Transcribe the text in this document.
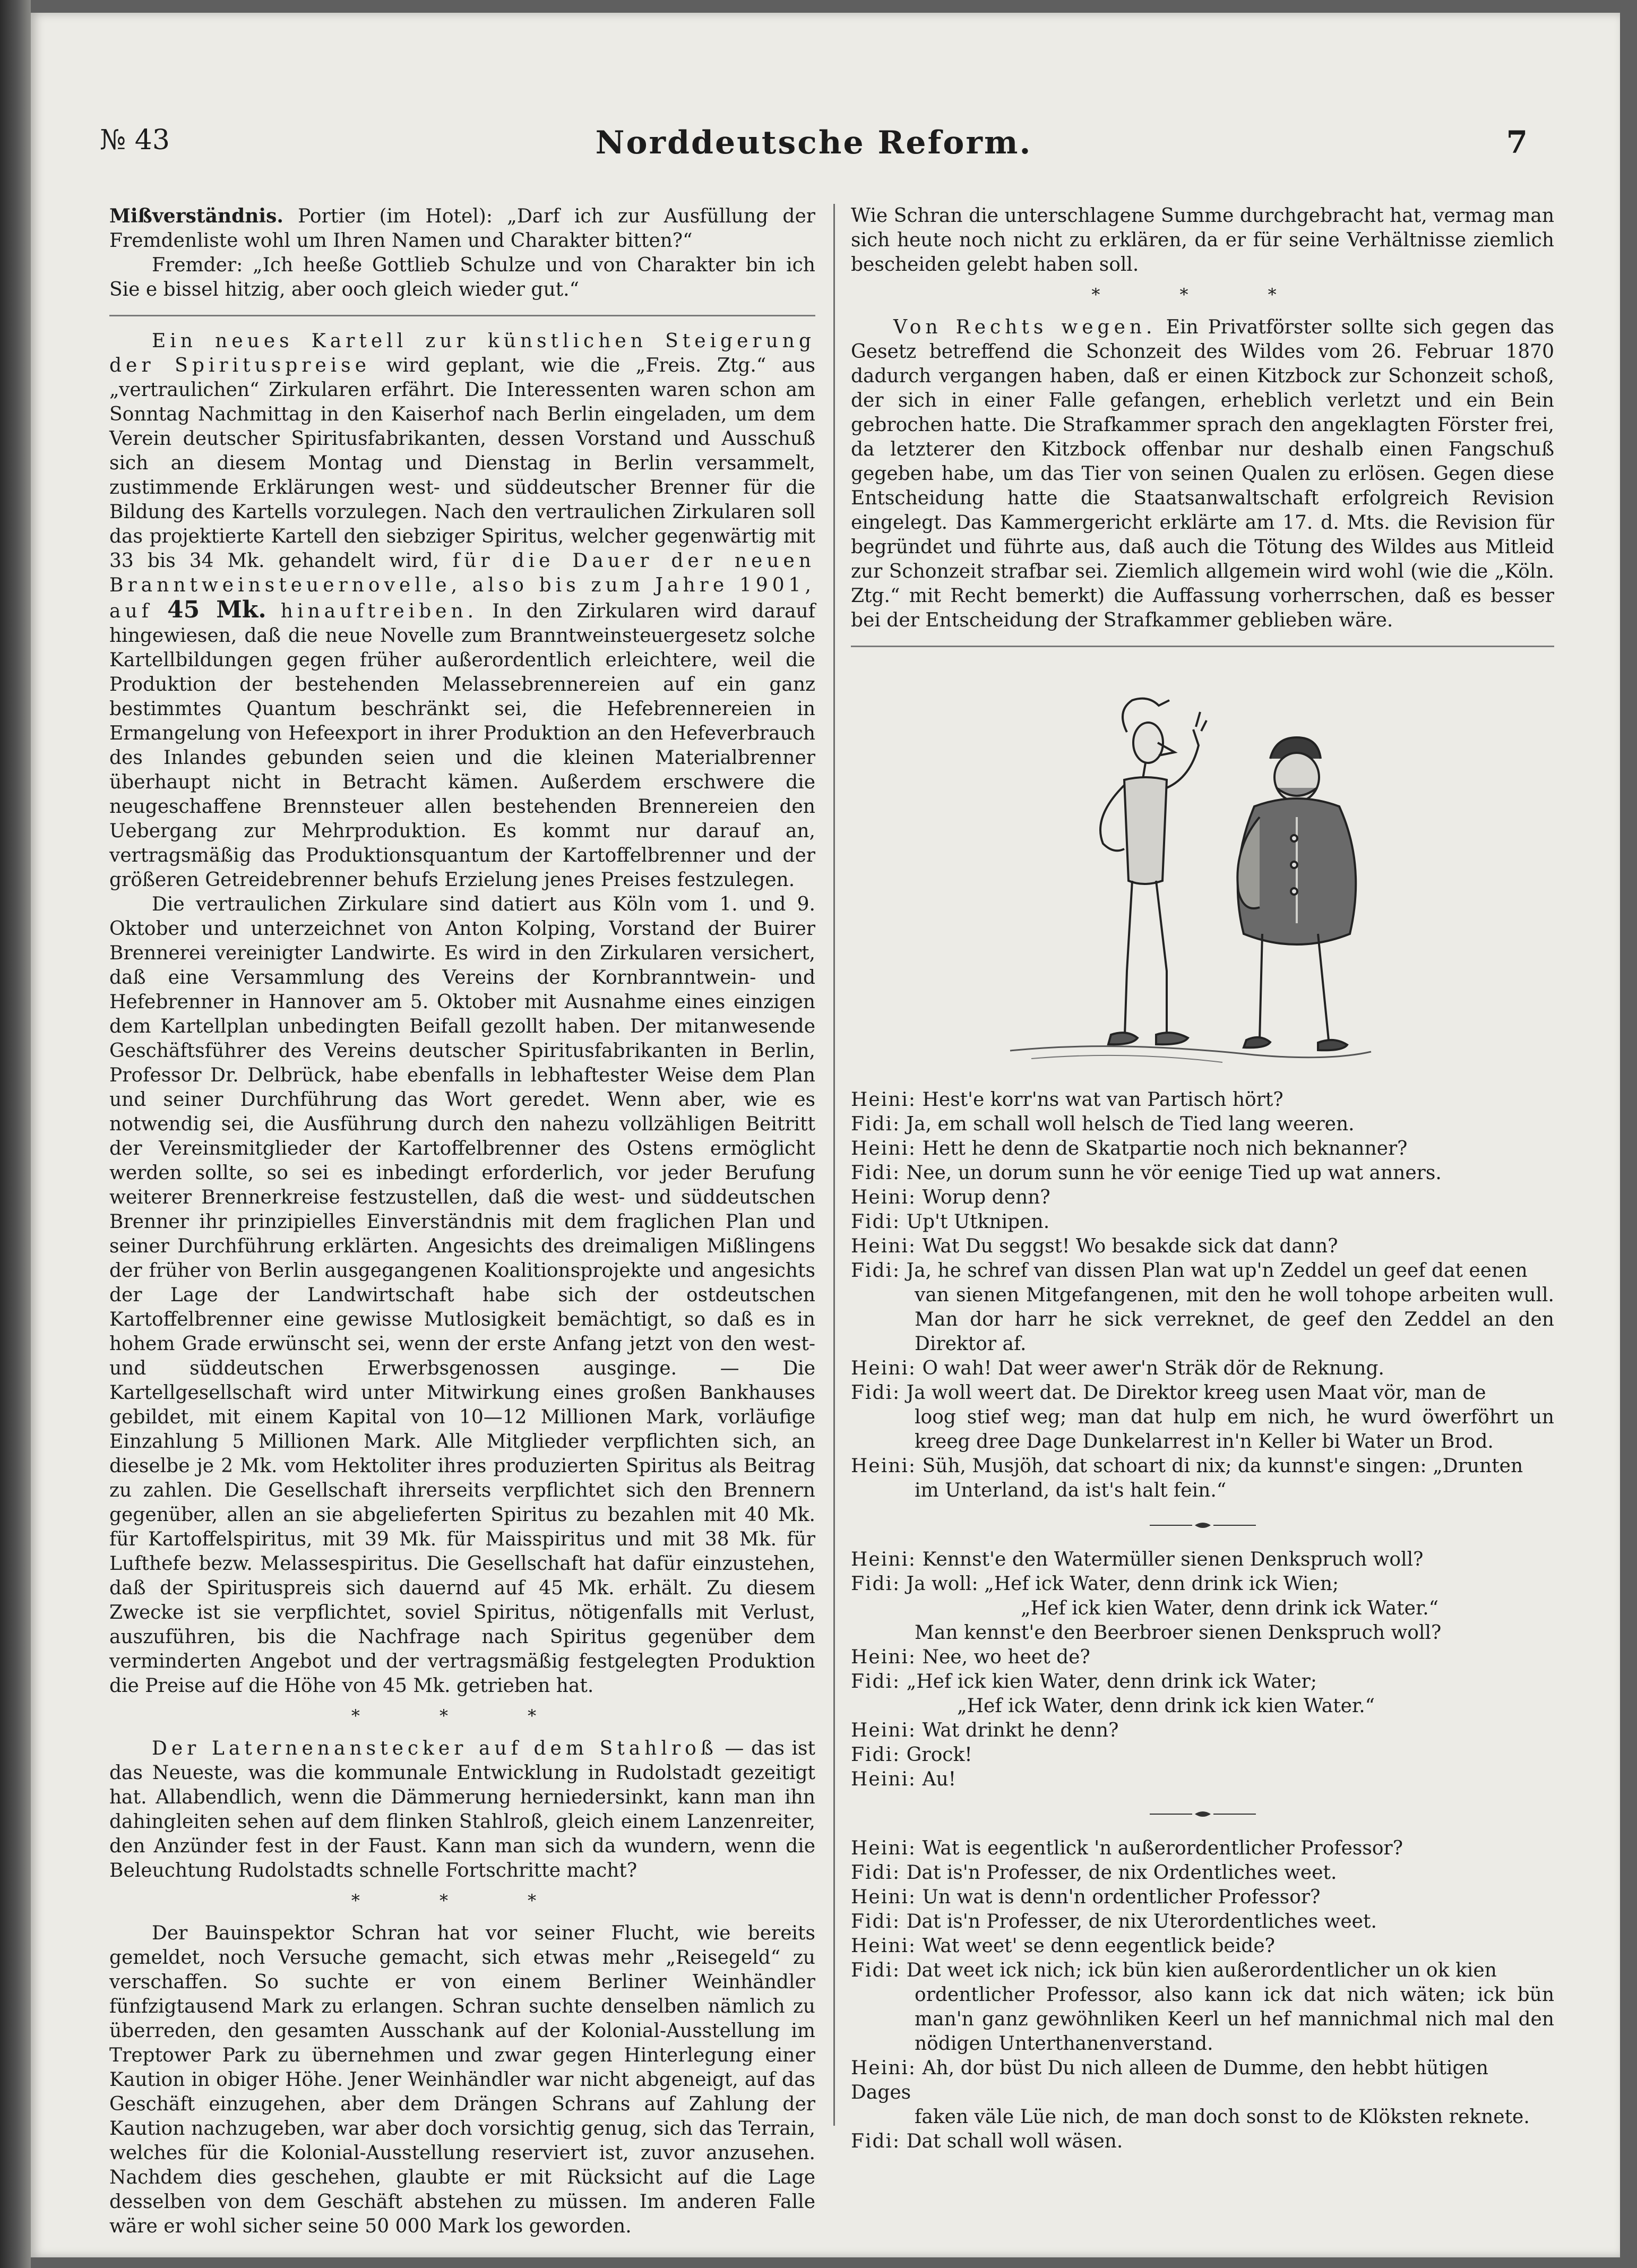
№ 43	Norddeutsche Reform.	7

Mißverständnis. Portier (im Hotel): „Darf ich zur Ausfüllung der Fremdenliste wohl um Ihren Namen und Charakter bitten?“

Fremder: „Ich heeße Gottlieb Schulze und von Charakter bin ich Sie e bissel hitzig, aber ooch gleich wieder gut.“

Ein neues Kartell zur künstlichen Steigerung der Spirituspreise wird geplant, wie die „Freis. Ztg.“ aus „vertraulichen“ Zirkularen erfährt. Die Interessenten waren schon am Sonntag Nachmittag in den Kaiserhof nach Berlin eingeladen, um dem Verein deutscher Spiritusfabrikanten, dessen Vorstand und Ausschuß sich an diesem Montag und Dienstag in Berlin versammelt, zustimmende Erklärungen west- und süddeutscher Brenner für die Bildung des Kartells vorzulegen. Nach den vertraulichen Zirkularen soll das projektierte Kartell den siebziger Spiritus, welcher gegenwärtig mit 33 bis 34 Mk. gehandelt wird, für die Dauer der neuen Branntweinsteuernovelle, also bis zum Jahre 1901, auf 45 Mk. hinauftreiben. In den Zirkularen wird darauf hingewiesen, daß die neue Novelle zum Branntweinsteuergesetz solche Kartellbildungen gegen früher außerordentlich erleichtere, weil die Produktion der bestehenden Melassebrennereien auf ein ganz bestimmtes Quantum beschränkt sei, die Hefebrennereien in Ermangelung von Hefeexport in ihrer Produktion an den Hefeverbrauch des Inlandes gebunden seien und die kleinen Materialbrenner überhaupt nicht in Betracht kämen. Außerdem erschwere die neugeschaffene Brennsteuer allen bestehenden Brennereien den Uebergang zur Mehrproduktion. Es kommt nur darauf an, vertragsmäßig das Produktionsquantum der Kartoffelbrenner und der größeren Getreidebrenner behufs Erzielung jenes Preises festzulegen.

Die vertraulichen Zirkulare sind datiert aus Köln vom 1. und 9. Oktober und unterzeichnet von Anton Kolping, Vorstand der Buirer Brennerei vereinigter Landwirte. Es wird in den Zirkularen versichert, daß eine Versammlung des Vereins der Kornbranntwein- und Hefebrenner in Hannover am 5. Oktober mit Ausnahme eines einzigen dem Kartellplan unbedingten Beifall gezollt haben. Der mitanwesende Geschäftsführer des Vereins deutscher Spiritusfabrikanten in Berlin, Professor Dr. Delbrück, habe ebenfalls in lebhaftester Weise dem Plan und seiner Durchführung das Wort geredet. Wenn aber, wie es notwendig sei, die Ausführung durch den nahezu vollzähligen Beitritt der Vereinsmitglieder der Kartoffelbrenner des Ostens ermöglicht werden sollte, so sei es inbedingt erforderlich, vor jeder Berufung weiterer Brennerkreise festzustellen, daß die west- und süddeutschen Brenner ihr prinzipielles Einverständnis mit dem fraglichen Plan und seiner Durchführung erklärten. Angesichts des dreimaligen Mißlingens der früher von Berlin ausgegangenen Koalitionsprojekte und angesichts der Lage der Landwirtschaft habe sich der ostdeutschen Kartoffelbrenner eine gewisse Mutlosigkeit bemächtigt, so daß es in hohem Grade erwünscht sei, wenn der erste Anfang jetzt von den west- und süddeutschen Erwerbsgenossen ausginge. — Die Kartellgesellschaft wird unter Mitwirkung eines großen Bankhauses gebildet, mit einem Kapital von 10—12 Millionen Mark, vorläufige Einzahlung 5 Millionen Mark. Alle Mitglieder verpflichten sich, an dieselbe je 2 Mk. vom Hektoliter ihres produzierten Spiritus als Beitrag zu zahlen. Die Gesellschaft ihrerseits verpflichtet sich den Brennern gegenüber, allen an sie abgelieferten Spiritus zu bezahlen mit 40 Mk. für Kartoffelspiritus, mit 39 Mk. für Maisspiritus und mit 38 Mk. für Lufthefe bezw. Melassespiritus. Die Gesellschaft hat dafür einzustehen, daß der Spirituspreis sich dauernd auf 45 Mk. erhält. Zu diesem Zwecke ist sie verpflichtet, soviel Spiritus, nötigenfalls mit Verlust, auszuführen, bis die Nachfrage nach Spiritus gegenüber dem verminderten Angebot und der vertragsmäßig festgelegten Produktion die Preise auf die Höhe von 45 Mk. getrieben hat.

* * *

Der Laternenanstecker auf dem Stahlroß — das ist das Neueste, was die kommunale Entwicklung in Rudolstadt gezeitigt hat. Allabendlich, wenn die Dämmerung herniedersinkt, kann man ihn dahingleiten sehen auf dem flinken Stahlroß, gleich einem Lanzenreiter, den Anzünder fest in der Faust. Kann man sich da wundern, wenn die Beleuchtung Rudolstadts schnelle Fortschritte macht?

* * *

Der Bauinspektor Schran hat vor seiner Flucht, wie bereits gemeldet, noch Versuche gemacht, sich etwas mehr „Reisegeld“ zu verschaffen. So suchte er von einem Berliner Weinhändler fünfzigtausend Mark zu erlangen. Schran suchte denselben nämlich zu überreden, den gesamten Ausschank auf der Kolonial-Ausstellung im Treptower Park zu übernehmen und zwar gegen Hinterlegung einer Kaution in obiger Höhe. Jener Weinhändler war nicht abgeneigt, auf das Geschäft einzugehen, aber dem Drängen Schrans auf Zahlung der Kaution nachzugeben, war aber doch vorsichtig genug, sich das Terrain, welches für die Kolonial-Ausstellung reserviert ist, zuvor anzusehen. Nachdem dies geschehen, glaubte er mit Rücksicht auf die Lage desselben von dem Geschäft abstehen zu müssen. Im anderen Falle wäre er wohl sicher seine 50 000 Mark los geworden.

Wie Schran die unterschlagene Summe durchgebracht hat, vermag man sich heute noch nicht zu erklären, da er für seine Verhältnisse ziemlich bescheiden gelebt haben soll.

* * *

Von Rechts wegen. Ein Privatförster sollte sich gegen das Gesetz betreffend die Schonzeit des Wildes vom 26. Februar 1870 dadurch vergangen haben, daß er einen Kitzbock zur Schonzeit schoß, der sich in einer Falle gefangen, erheblich verletzt und ein Bein gebrochen hatte. Die Strafkammer sprach den angeklagten Förster frei, da letzterer den Kitzbock offenbar nur deshalb einen Fangschuß gegeben habe, um das Tier von seinen Qualen zu erlösen. Gegen diese Entscheidung hatte die Staatsanwaltschaft erfolgreich Revision eingelegt. Das Kammergericht erklärte am 17. d. Mts. die Revision für begründet und führte aus, daß auch die Tötung des Wildes aus Mitleid zur Schonzeit strafbar sei. Ziemlich allgemein wird wohl (wie die „Köln. Ztg.“ mit Recht bemerkt) die Auffassung vorherrschen, daß es besser bei der Entscheidung der Strafkammer geblieben wäre.

Heini: Hest'e korr'ns wat van Partisch hört?

Fidi: Ja, em schall woll helsch de Tied lang weeren.

Heini: Hett he denn de Skatpartie noch nich beknanner?

Fidi: Nee, un dorum sunn he vör eenige Tied up wat anners.

Heini: Worup denn?

Fidi: Up't Utknipen.

Heini: Wat Du seggst! Wo besakde sick dat dann?

Fidi: Ja, he schref van dissen Plan wat up'n Zeddel un geef dat eenen

van sienen Mitgefangenen, mit den he woll tohope arbeiten wull. Man dor harr he sick verreknet, de geef den Zeddel an den Direktor af.

Heini: O wah! Dat weer awer'n Sträk dör de Reknung.

Fidi: Ja woll weert dat. De Direktor kreeg usen Maat vör, man de

loog stief weg; man dat hulp em nich, he wurd öwerföhrt un kreeg dree Dage Dunkelarrest in'n Keller bi Water un Brod.

Heini: Süh, Musjöh, dat schoart di nix; da kunnst'e singen: „Drunten

im Unterland, da ist's halt fein.“

Heini: Kennst'e den Watermüller sienen Denkspruch woll?

Fidi: Ja woll: „Hef ick Water, denn drink ick Wien;

„Hef ick kien Water, denn drink ick Water.“

Man kennst'e den Beerbroer sienen Denkspruch woll?

Heini: Nee, wo heet de?

Fidi: „Hef ick kien Water, denn drink ick Water;

„Hef ick Water, denn drink ick kien Water.“

Heini: Wat drinkt he denn?

Fidi: Grock!

Heini: Au!

Heini: Wat is eegentlick 'n außerordentlicher Professor?

Fidi: Dat is'n Professer, de nix Ordentliches weet.

Heini: Un wat is denn'n ordentlicher Professor?

Fidi: Dat is'n Professer, de nix Uterordentliches weet.

Heini: Wat weet' se denn eegentlick beide?

Fidi: Dat weet ick nich; ick bün kien außerordentlicher un ok kien

ordentlicher Professor, also kann ick dat nich wäten; ick bün man'n ganz gewöhnliken Keerl un hef mannichmal nich mal den nödigen Unterthanenverstand.

Heini: Ah, dor büst Du nich alleen de Dumme, den hebbt hütigen Dages

faken väle Lüe nich, de man doch sonst to de Klöksten reknete.

Fidi: Dat schall woll wäsen.
